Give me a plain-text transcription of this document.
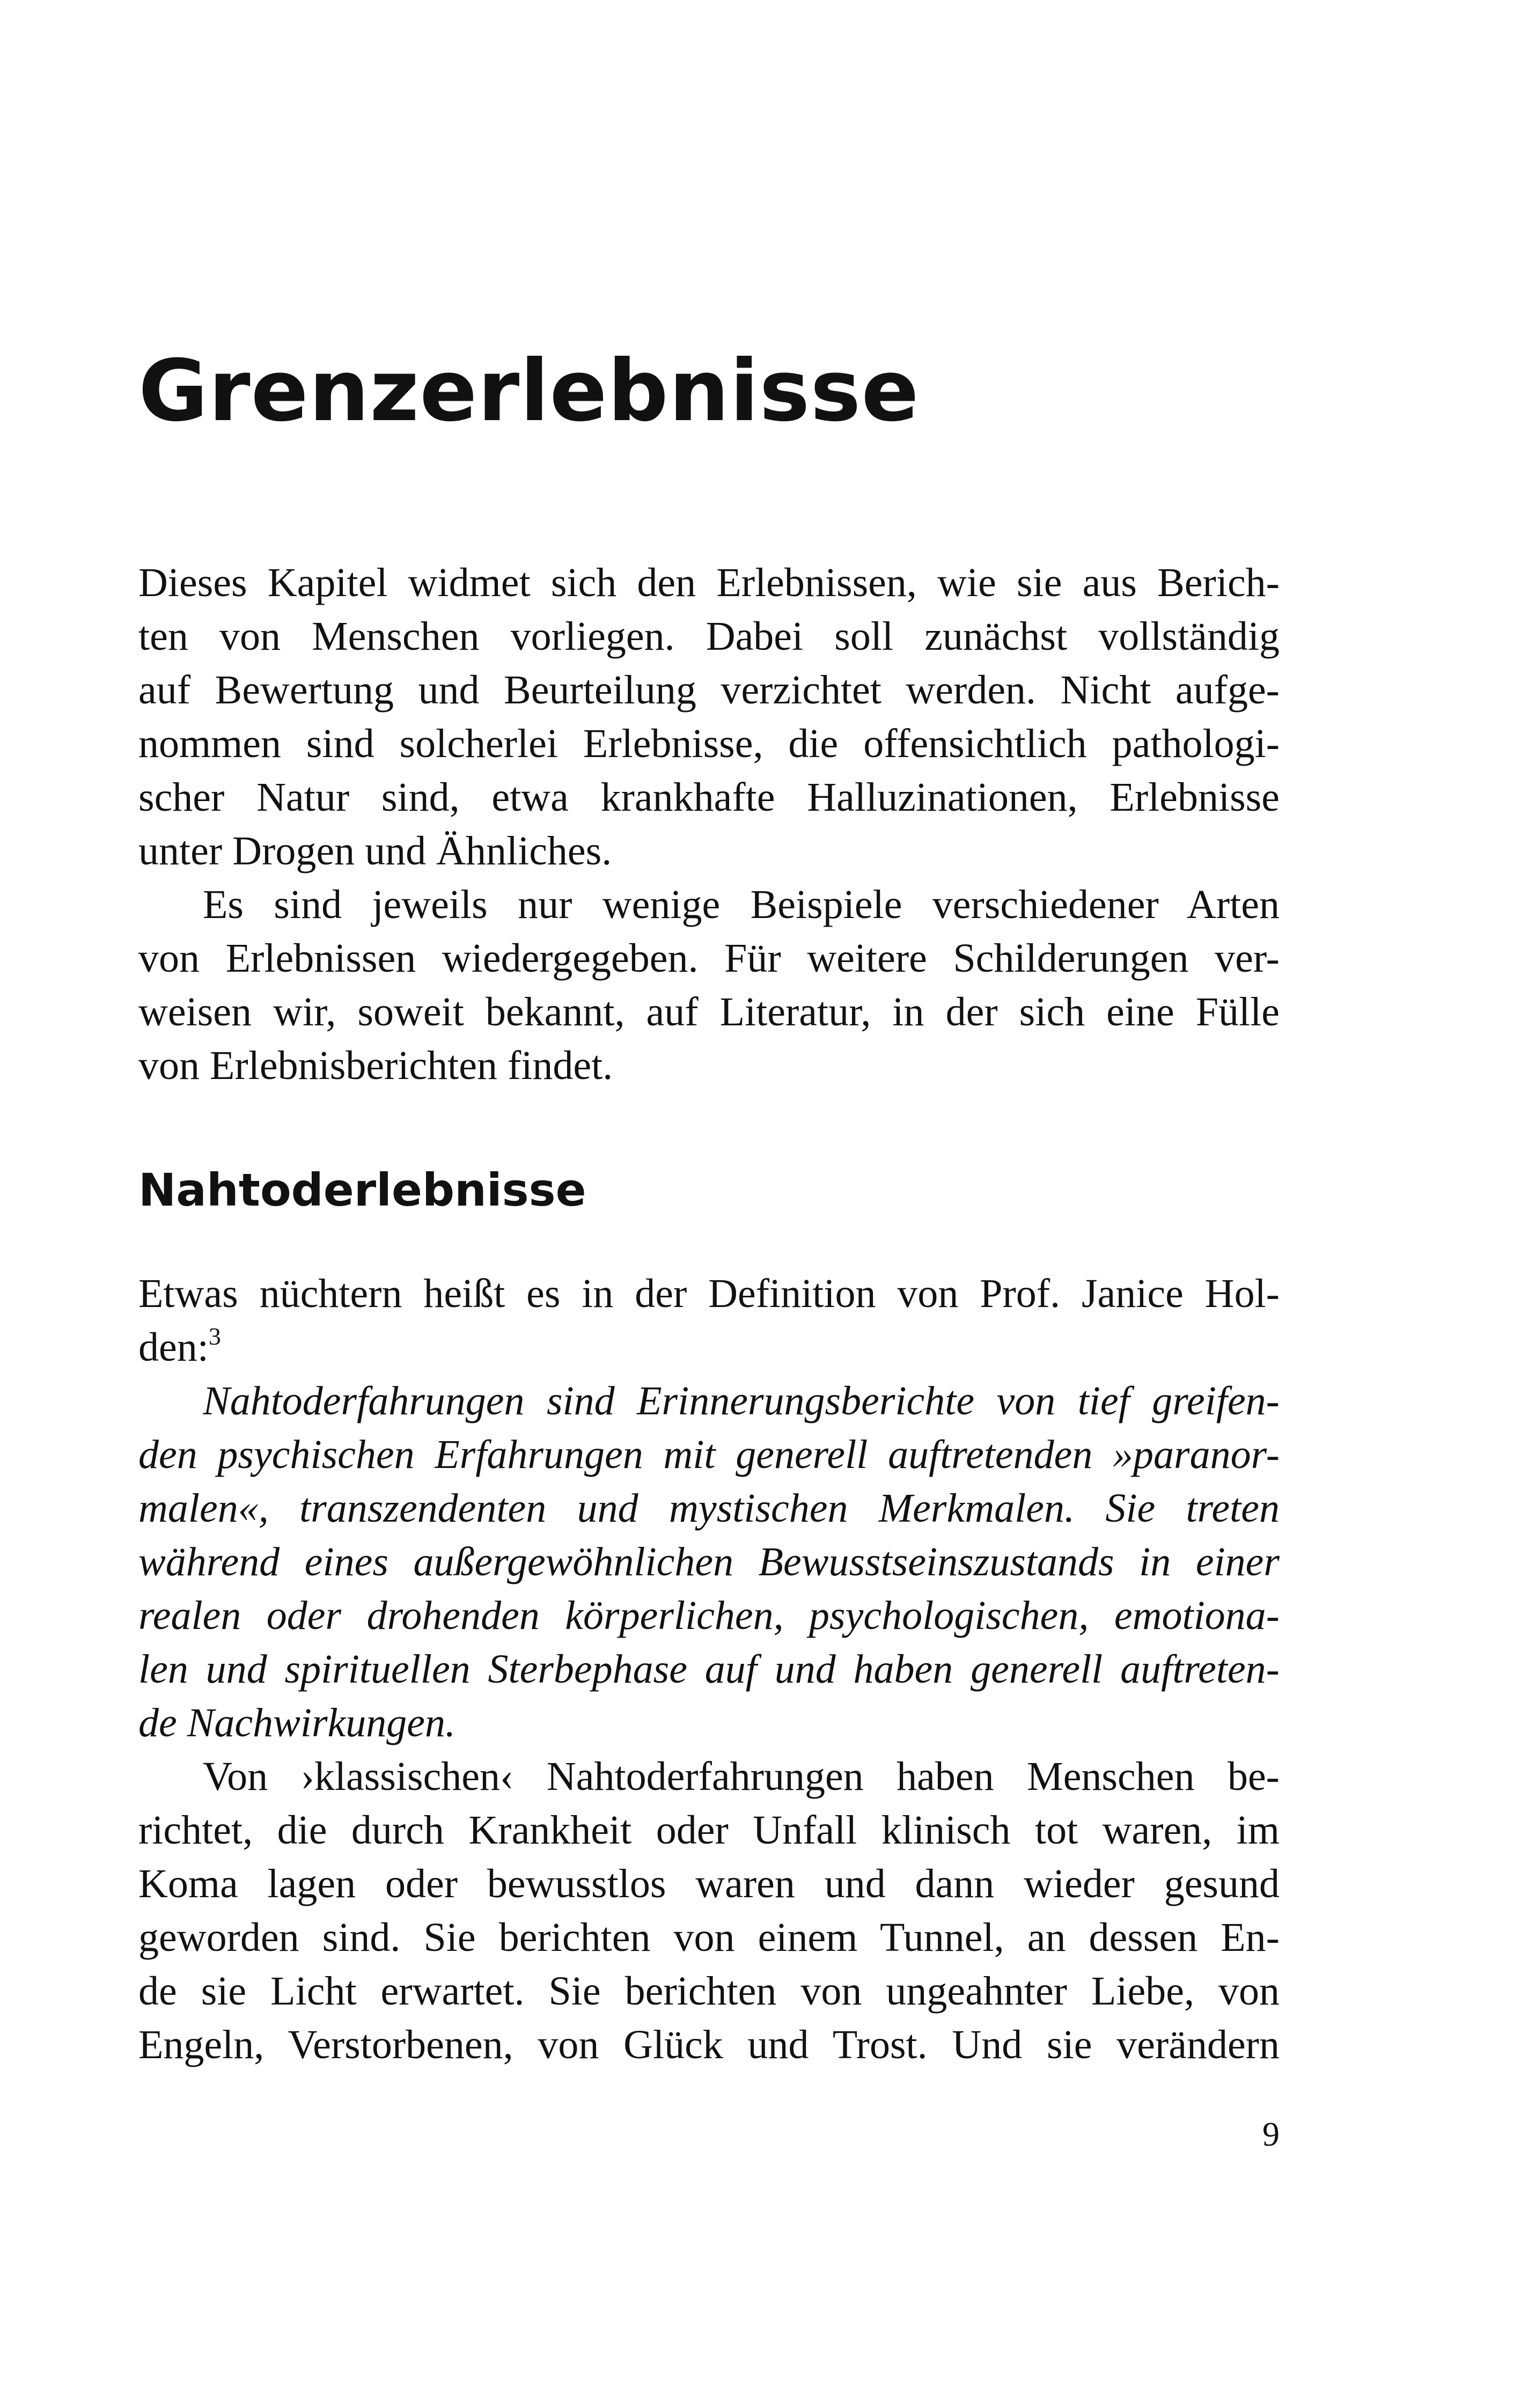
Grenzerlebnisse
Dieses Kapitel widmet sich den Erlebnissen, wie sie aus Berich-
ten von Menschen vorliegen. Dabei soll zunächst vollständig
auf Bewertung und Beurteilung verzichtet werden. Nicht aufge-
nommen sind solcherlei Erlebnisse, die offensichtlich pathologi-
scher Natur sind, etwa krankhafte Halluzinationen, Erlebnisse
unter Drogen und Ähnliches.
Es sind jeweils nur wenige Beispiele verschiedener Arten
von Erlebnissen wiedergegeben. Für weitere Schilderungen ver-
weisen wir, soweit bekannt, auf Literatur, in der sich eine Fülle
von Erlebnisberichten findet.
Nahtoderlebnisse
Etwas nüchtern heißt es in der Definition von Prof. Janice Hol-
den:$^3$
Nahtoderfahrungen sind Erinnerungsberichte von tief greifen-
den psychischen Erfahrungen mit generell auftretenden »paranor-
malen«, transzendenten und mystischen Merkmalen. Sie treten
während eines außergewöhnlichen Bewusstseinszustands in einer
realen oder drohenden körperlichen, psychologischen, emotiona-
len und spirituellen Sterbephase auf und haben generell auftreten-
de Nachwirkungen.
Von ›klassischen‹ Nahtoderfahrungen haben Menschen be-
richtet, die durch Krankheit oder Unfall klinisch tot waren, im
Koma lagen oder bewusstlos waren und dann wieder gesund
geworden sind. Sie berichten von einem Tunnel, an dessen En-
de sie Licht erwartet. Sie berichten von ungeahnter Liebe, von
Engeln, Verstorbenen, von Glück und Trost. Und sie verändern
9
